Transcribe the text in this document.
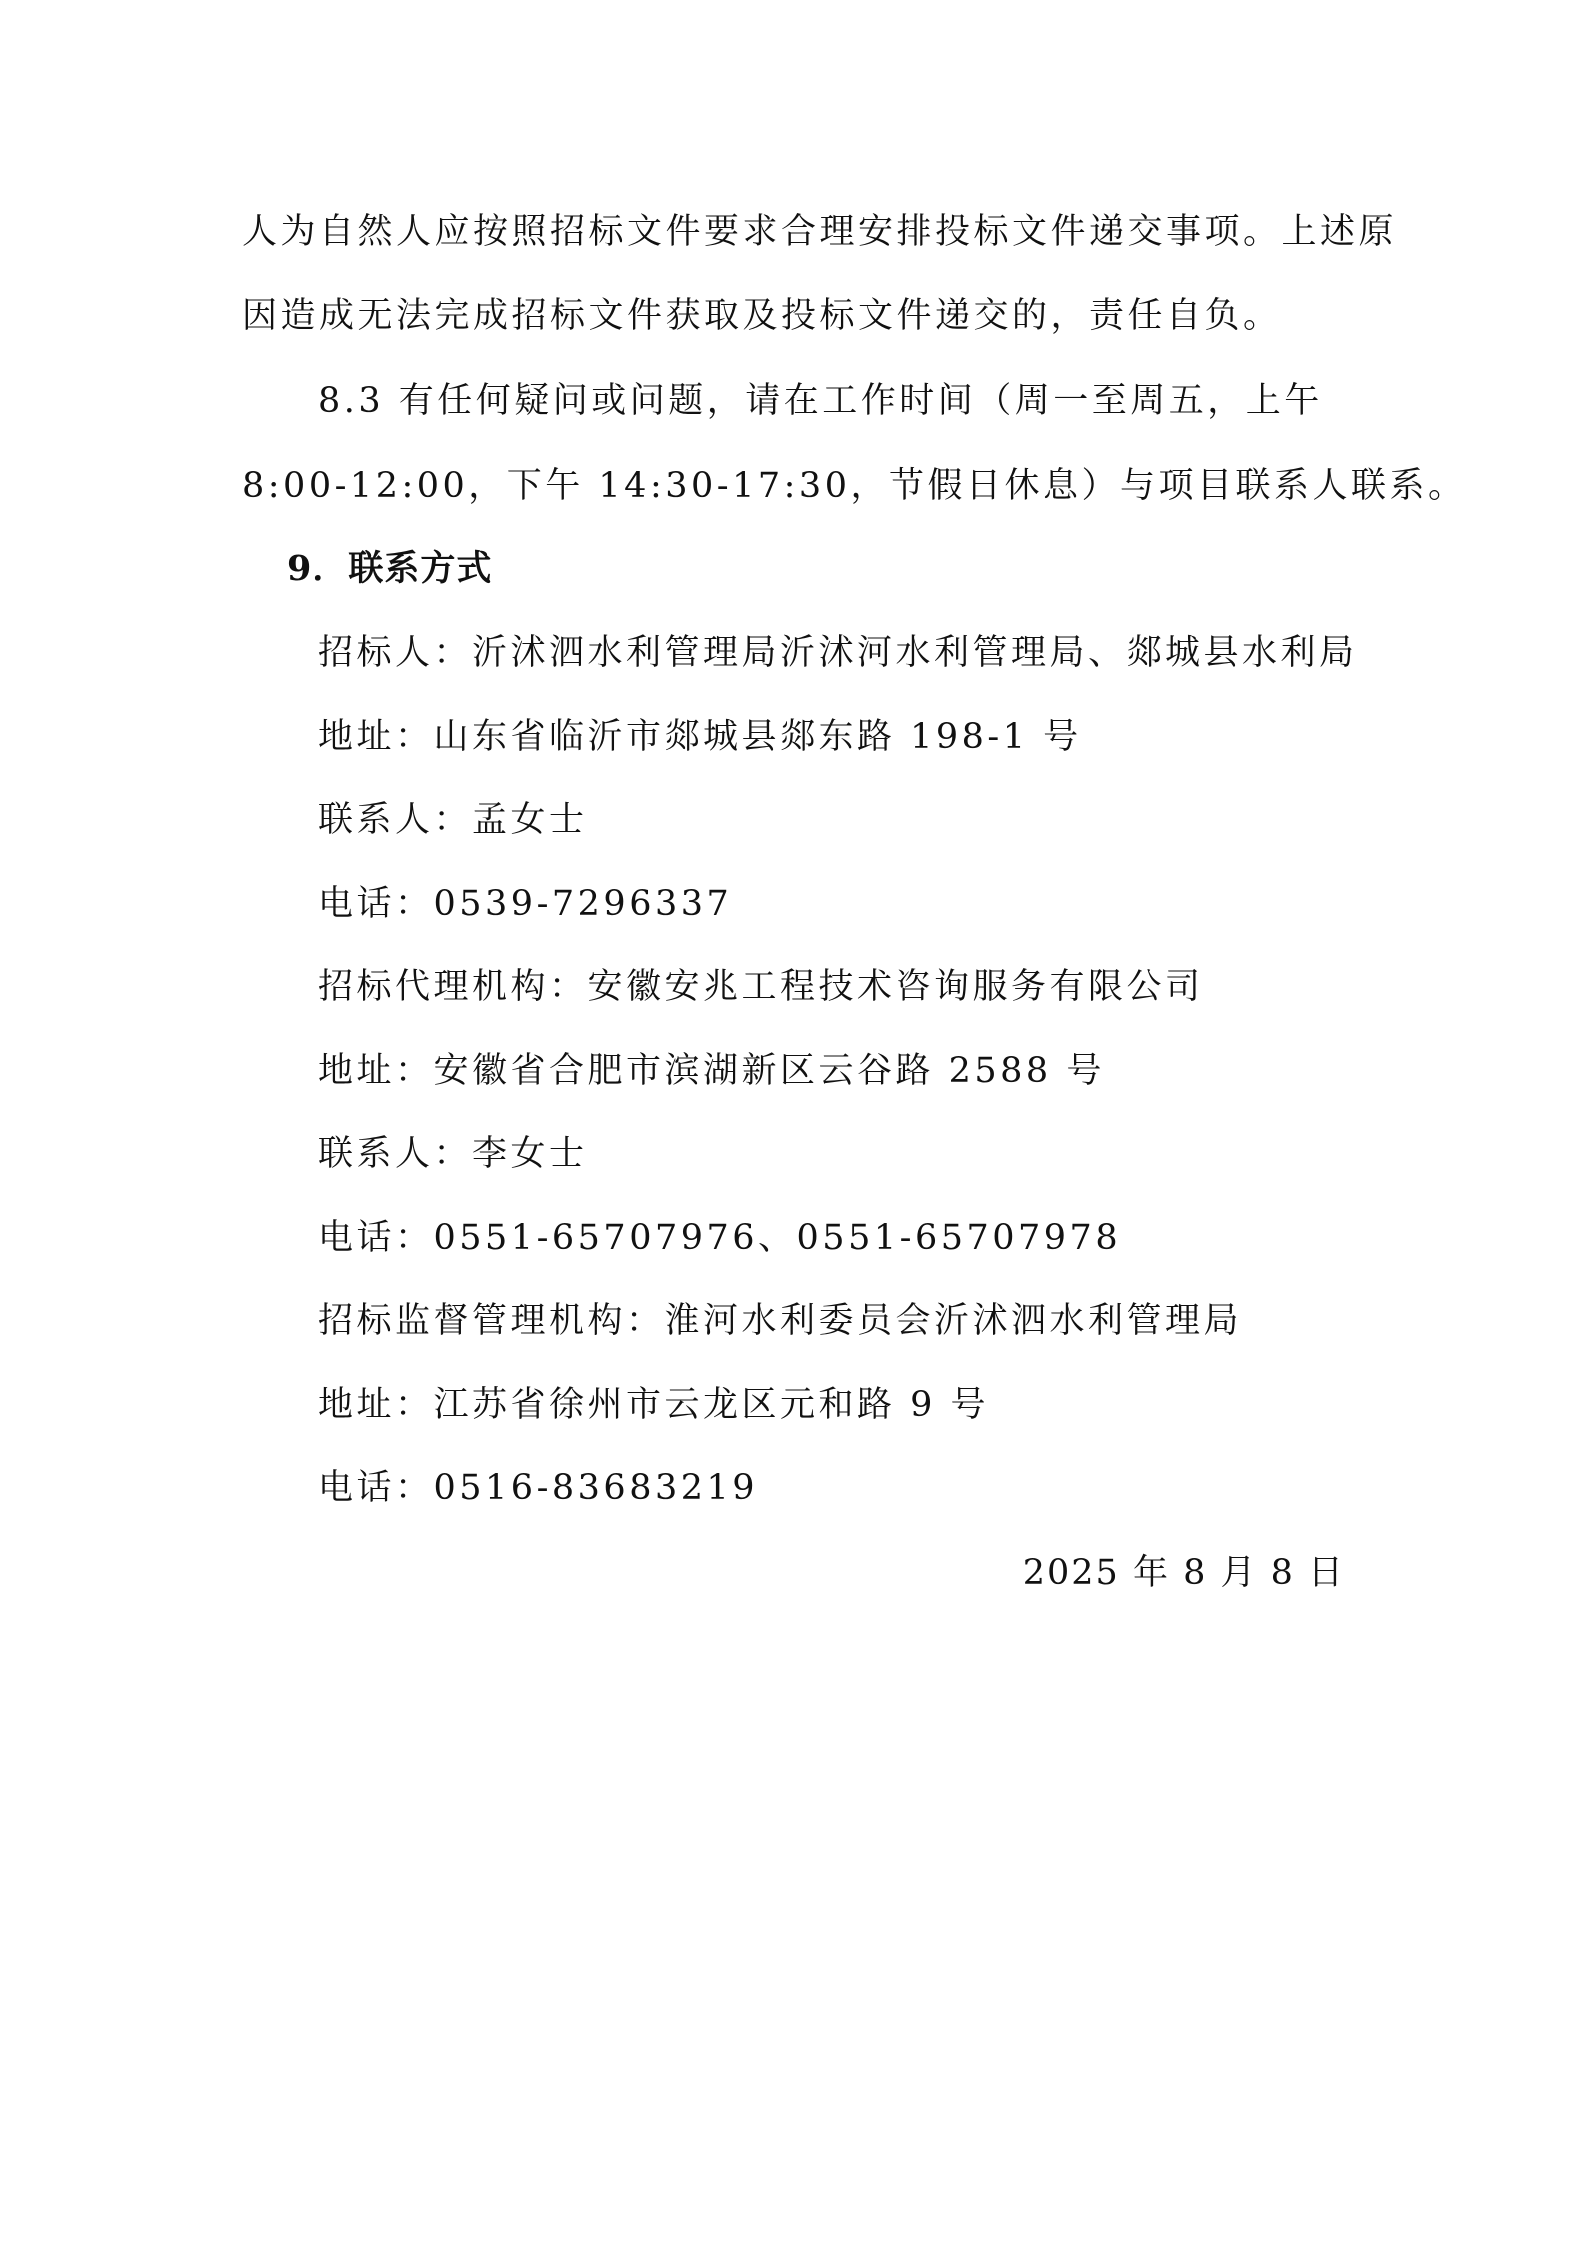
人为自然人应按照招标文件要求合理安排投标文件递交事项。上述原
因造成无法完成招标文件获取及投标文件递交的，责任自负。
8.3 有任何疑问或问题，请在工作时间（周一至周五，上午
8:00-12:00，下午 14:30-17:30，节假日休息）与项目联系人联系。
9．联系方式
招标人：沂沭泗水利管理局沂沭河水利管理局、郯城县水利局
地址：山东省临沂市郯城县郯东路 198-1 号
联系人：孟女士
电话：0539-7296337
招标代理机构：安徽安兆工程技术咨询服务有限公司
地址：安徽省合肥市滨湖新区云谷路 2588 号
联系人：李女士
电话：0551-65707976、0551-65707978
招标监督管理机构：淮河水利委员会沂沭泗水利管理局
地址：江苏省徐州市云龙区元和路 9 号
电话：0516-83683219
2025 年 8 月 8 日
